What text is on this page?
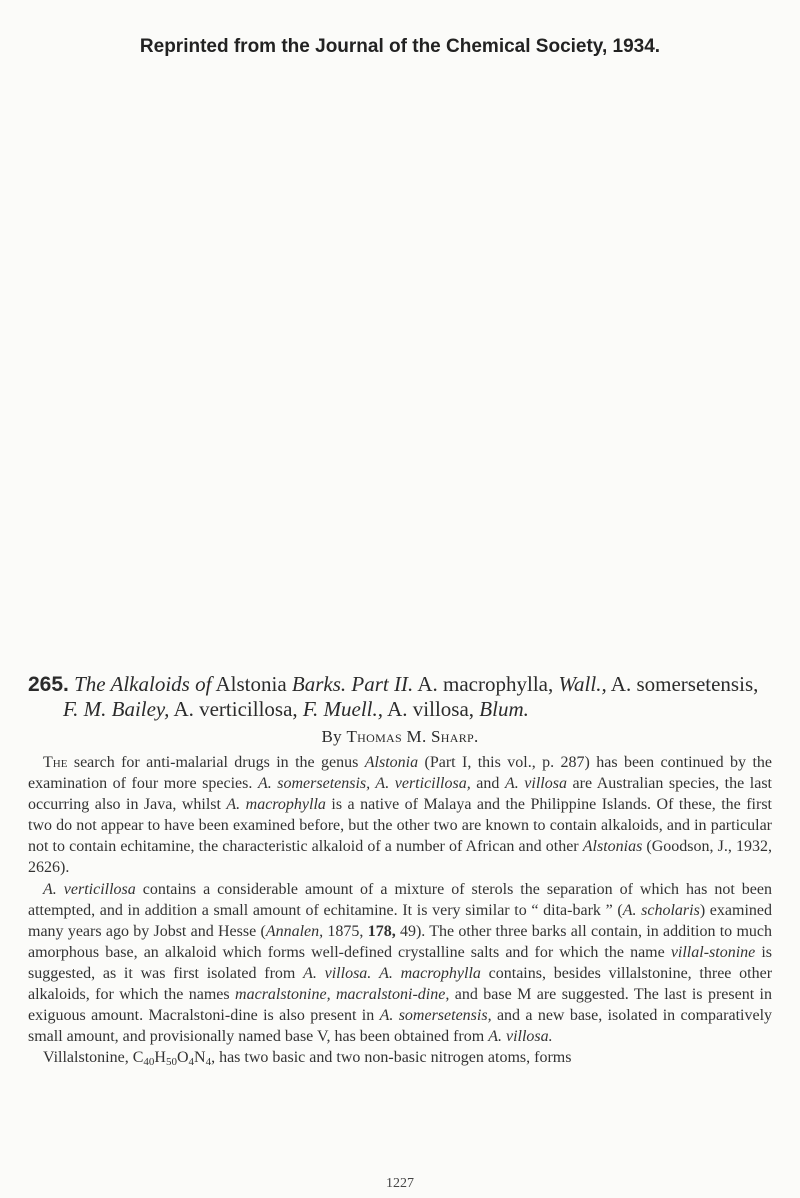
Reprinted from the Journal of the Chemical Society, 1934.

265. The Alkaloids of Alstonia Barks. Part II. A. macrophylla, Wall., A. somersetensis, F. M. Bailey, A. verticillosa, F. Muell., A. villosa, Blum.

By Thomas M. Sharp.

The search for anti-malarial drugs in the genus Alstonia (Part I, this vol., p. 287) has been continued by the examination of four more species. A. somersetensis, A. verticillosa, and A. villosa are Australian species, the last occurring also in Java, whilst A. macrophylla is a native of Malaya and the Philippine Islands. Of these, the first two do not appear to have been examined before, but the other two are known to contain alkaloids, and in particular not to contain echitamine, the characteristic alkaloid of a number of African and other Alstonias (Goodson, J., 1932, 2626).

A. verticillosa contains a considerable amount of a mixture of sterols the separation of which has not been attempted, and in addition a small amount of echitamine. It is very similar to “ dita-bark ” (A. scholaris) examined many years ago by Jobst and Hesse (Annalen, 1875, 178, 49). The other three barks all contain, in addition to much amorphous base, an alkaloid which forms well-defined crystalline salts and for which the name villal-stonine is suggested, as it was first isolated from A. villosa. A. macrophylla contains, besides villalstonine, three other alkaloids, for which the names macralstonine, macralstoni-dine, and base M are suggested. The last is present in exiguous amount. Macralstoni-dine is also present in A. somersetensis, and a new base, isolated in comparatively small amount, and provisionally named base V, has been obtained from A. villosa.

Villalstonine, $C_{40}H_{50}O_4N_4$, has two basic and two non-basic nitrogen atoms, forms

1227
